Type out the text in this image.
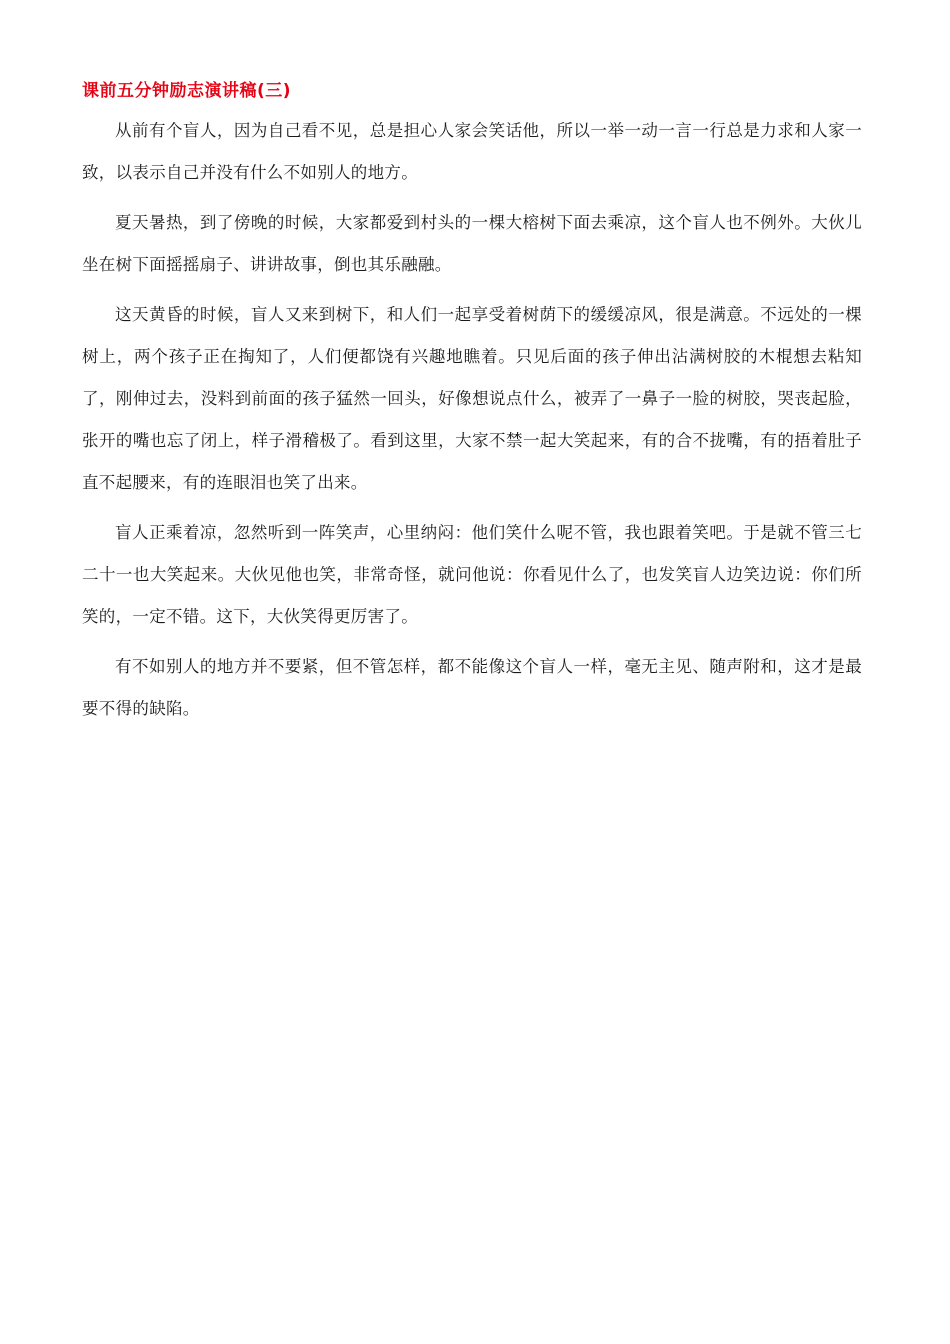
课前五分钟励志演讲稿(三)

从前有个盲人，因为自己看不见，总是担心人家会笑话他，所以一举一动一言一行总是力求和人家一致，以表示自己并没有什么不如别人的地方。

夏天暑热，到了傍晚的时候，大家都爱到村头的一棵大榕树下面去乘凉，这个盲人也不例外。大伙儿坐在树下面摇摇扇子、讲讲故事，倒也其乐融融。

这天黄昏的时候，盲人又来到树下，和人们一起享受着树荫下的缓缓凉风，很是满意。不远处的一棵树上，两个孩子正在掏知了，人们便都饶有兴趣地瞧着。只见后面的孩子伸出沾满树胶的木棍想去粘知了，刚伸过去，没料到前面的孩子猛然一回头，好像想说点什么，被弄了一鼻子一脸的树胶，哭丧起脸，张开的嘴也忘了闭上，样子滑稽极了。看到这里，大家不禁一起大笑起来，有的合不拢嘴，有的捂着肚子直不起腰来，有的连眼泪也笑了出来。

盲人正乘着凉，忽然听到一阵笑声，心里纳闷：他们笑什么呢不管，我也跟着笑吧。于是就不管三七二十一也大笑起来。大伙见他也笑，非常奇怪，就问他说：你看见什么了，也发笑盲人边笑边说：你们所笑的，一定不错。这下，大伙笑得更厉害了。

有不如别人的地方并不要紧，但不管怎样，都不能像这个盲人一样，毫无主见、随声附和，这才是最要不得的缺陷。
